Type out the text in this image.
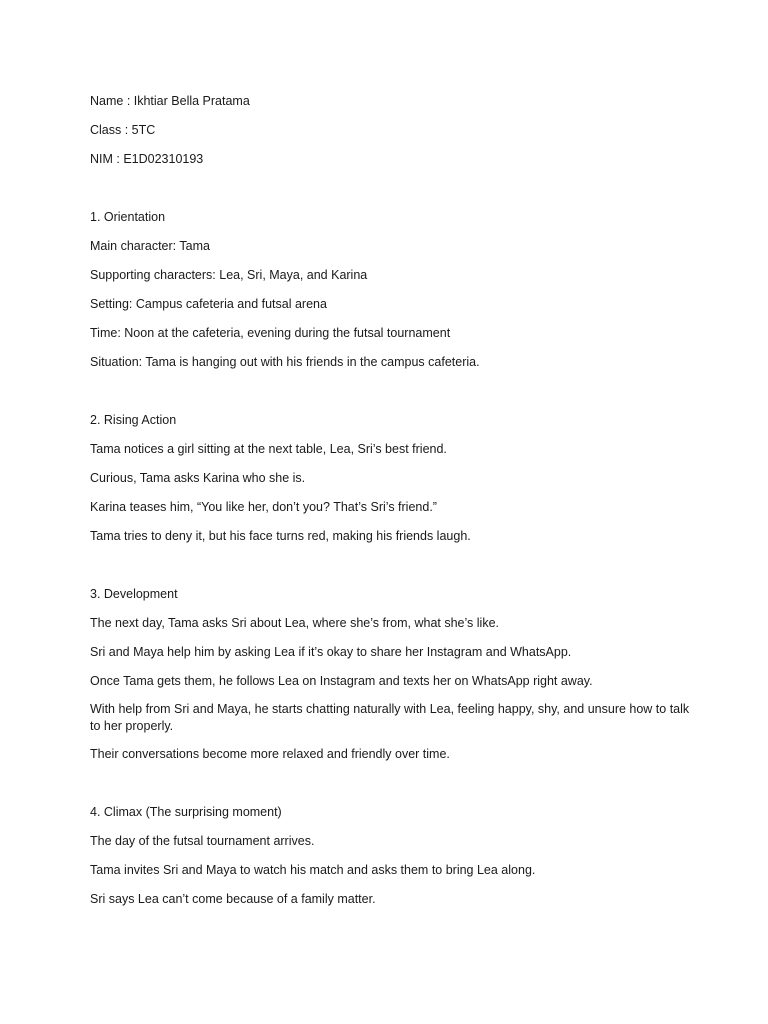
Name : Ikhtiar Bella Pratama

Class : 5TC

NIM : E1D02310193

1. Orientation

Main character: Tama

Supporting characters: Lea, Sri, Maya, and Karina

Setting: Campus cafeteria and futsal arena

Time: Noon at the cafeteria, evening during the futsal tournament

Situation: Tama is hanging out with his friends in the campus cafeteria.

2. Rising Action

Tama notices a girl sitting at the next table, Lea, Sri’s best friend.

Curious, Tama asks Karina who she is.

Karina teases him, “You like her, don’t you? That’s Sri’s friend.”

Tama tries to deny it, but his face turns red, making his friends laugh.

3. Development

The next day, Tama asks Sri about Lea, where she’s from, what she’s like.

Sri and Maya help him by asking Lea if it’s okay to share her Instagram and WhatsApp.

Once Tama gets them, he follows Lea on Instagram and texts her on WhatsApp right away.

With help from Sri and Maya, he starts chatting naturally with Lea, feeling happy, shy, and unsure how to talk to her properly.

Their conversations become more relaxed and friendly over time.

4. Climax (The surprising moment)

The day of the futsal tournament arrives.

Tama invites Sri and Maya to watch his match and asks them to bring Lea along.

Sri says Lea can’t come because of a family matter.
